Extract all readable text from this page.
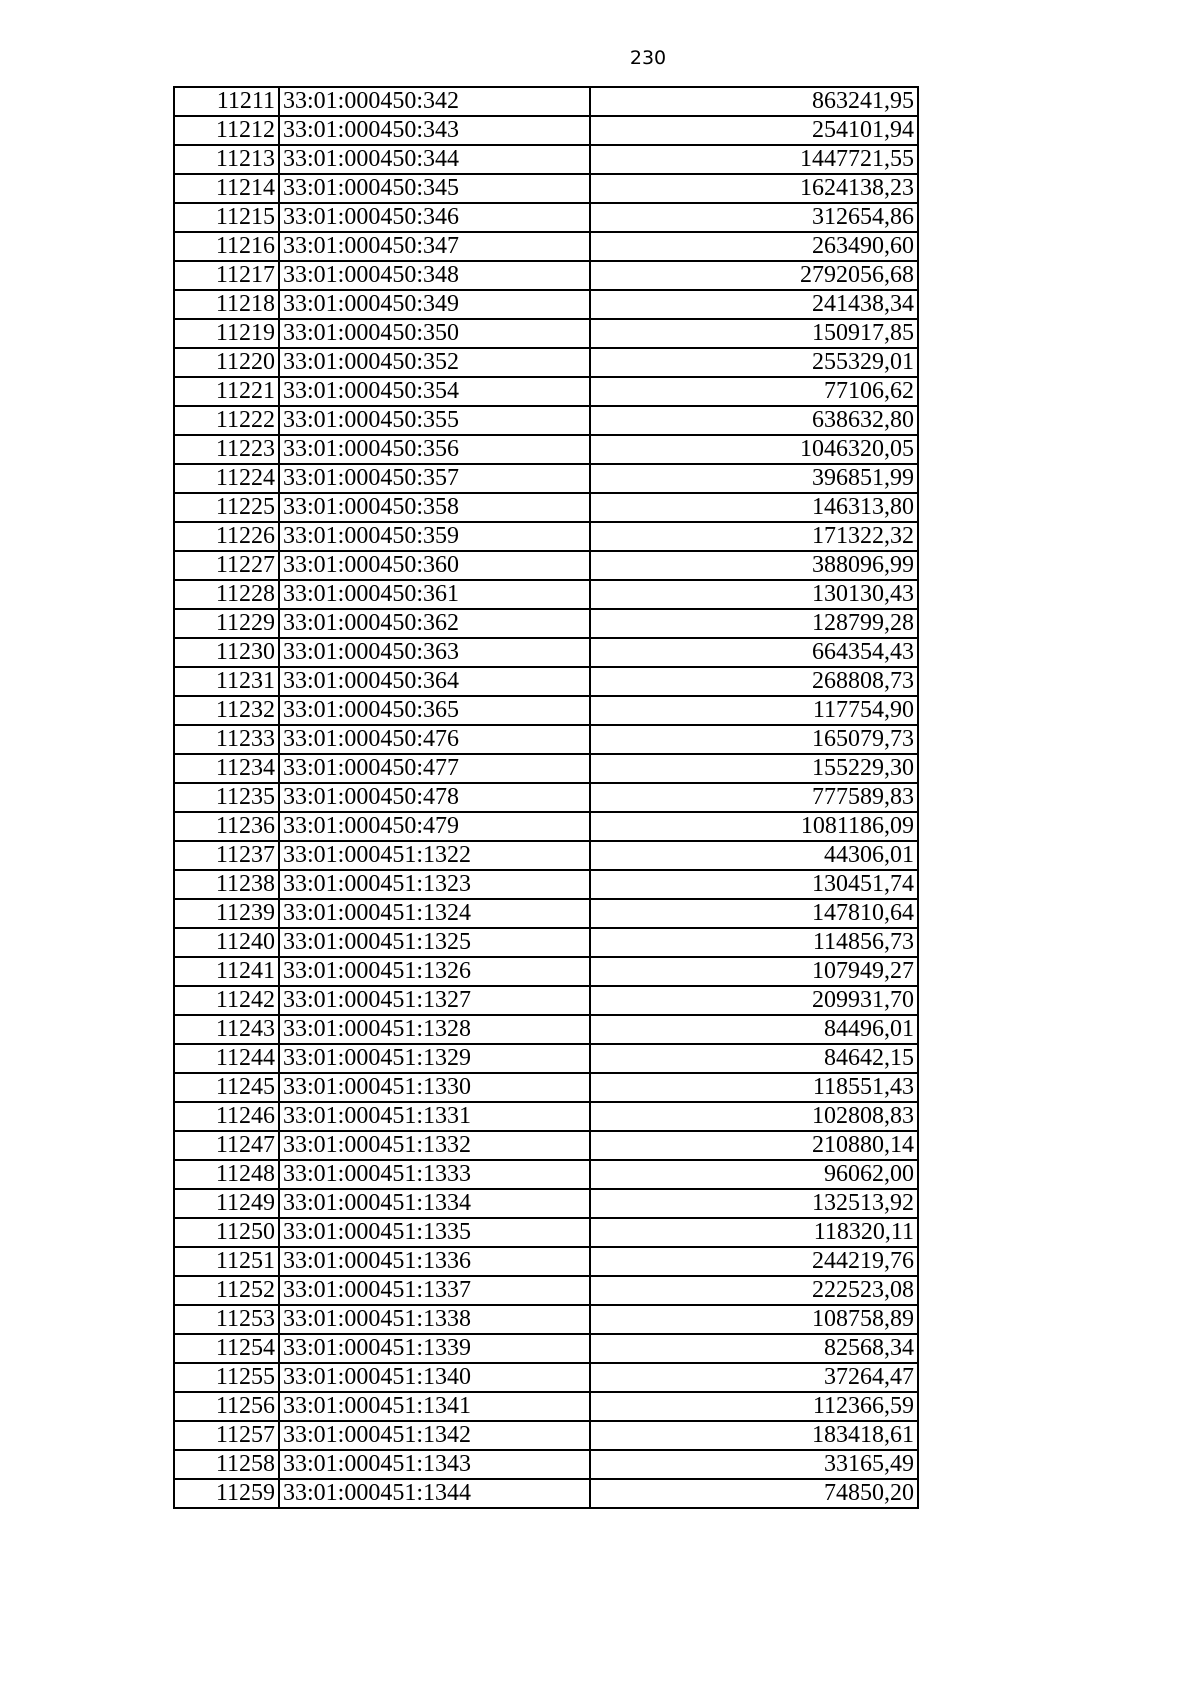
230
11211	33:01:000450:342	863241,95
11212	33:01:000450:343	254101,94
11213	33:01:000450:344	1447721,55
11214	33:01:000450:345	1624138,23
11215	33:01:000450:346	312654,86
11216	33:01:000450:347	263490,60
11217	33:01:000450:348	2792056,68
11218	33:01:000450:349	241438,34
11219	33:01:000450:350	150917,85
11220	33:01:000450:352	255329,01
11221	33:01:000450:354	77106,62
11222	33:01:000450:355	638632,80
11223	33:01:000450:356	1046320,05
11224	33:01:000450:357	396851,99
11225	33:01:000450:358	146313,80
11226	33:01:000450:359	171322,32
11227	33:01:000450:360	388096,99
11228	33:01:000450:361	130130,43
11229	33:01:000450:362	128799,28
11230	33:01:000450:363	664354,43
11231	33:01:000450:364	268808,73
11232	33:01:000450:365	117754,90
11233	33:01:000450:476	165079,73
11234	33:01:000450:477	155229,30
11235	33:01:000450:478	777589,83
11236	33:01:000450:479	1081186,09
11237	33:01:000451:1322	44306,01
11238	33:01:000451:1323	130451,74
11239	33:01:000451:1324	147810,64
11240	33:01:000451:1325	114856,73
11241	33:01:000451:1326	107949,27
11242	33:01:000451:1327	209931,70
11243	33:01:000451:1328	84496,01
11244	33:01:000451:1329	84642,15
11245	33:01:000451:1330	118551,43
11246	33:01:000451:1331	102808,83
11247	33:01:000451:1332	210880,14
11248	33:01:000451:1333	96062,00
11249	33:01:000451:1334	132513,92
11250	33:01:000451:1335	118320,11
11251	33:01:000451:1336	244219,76
11252	33:01:000451:1337	222523,08
11253	33:01:000451:1338	108758,89
11254	33:01:000451:1339	82568,34
11255	33:01:000451:1340	37264,47
11256	33:01:000451:1341	112366,59
11257	33:01:000451:1342	183418,61
11258	33:01:000451:1343	33165,49
11259	33:01:000451:1344	74850,20
